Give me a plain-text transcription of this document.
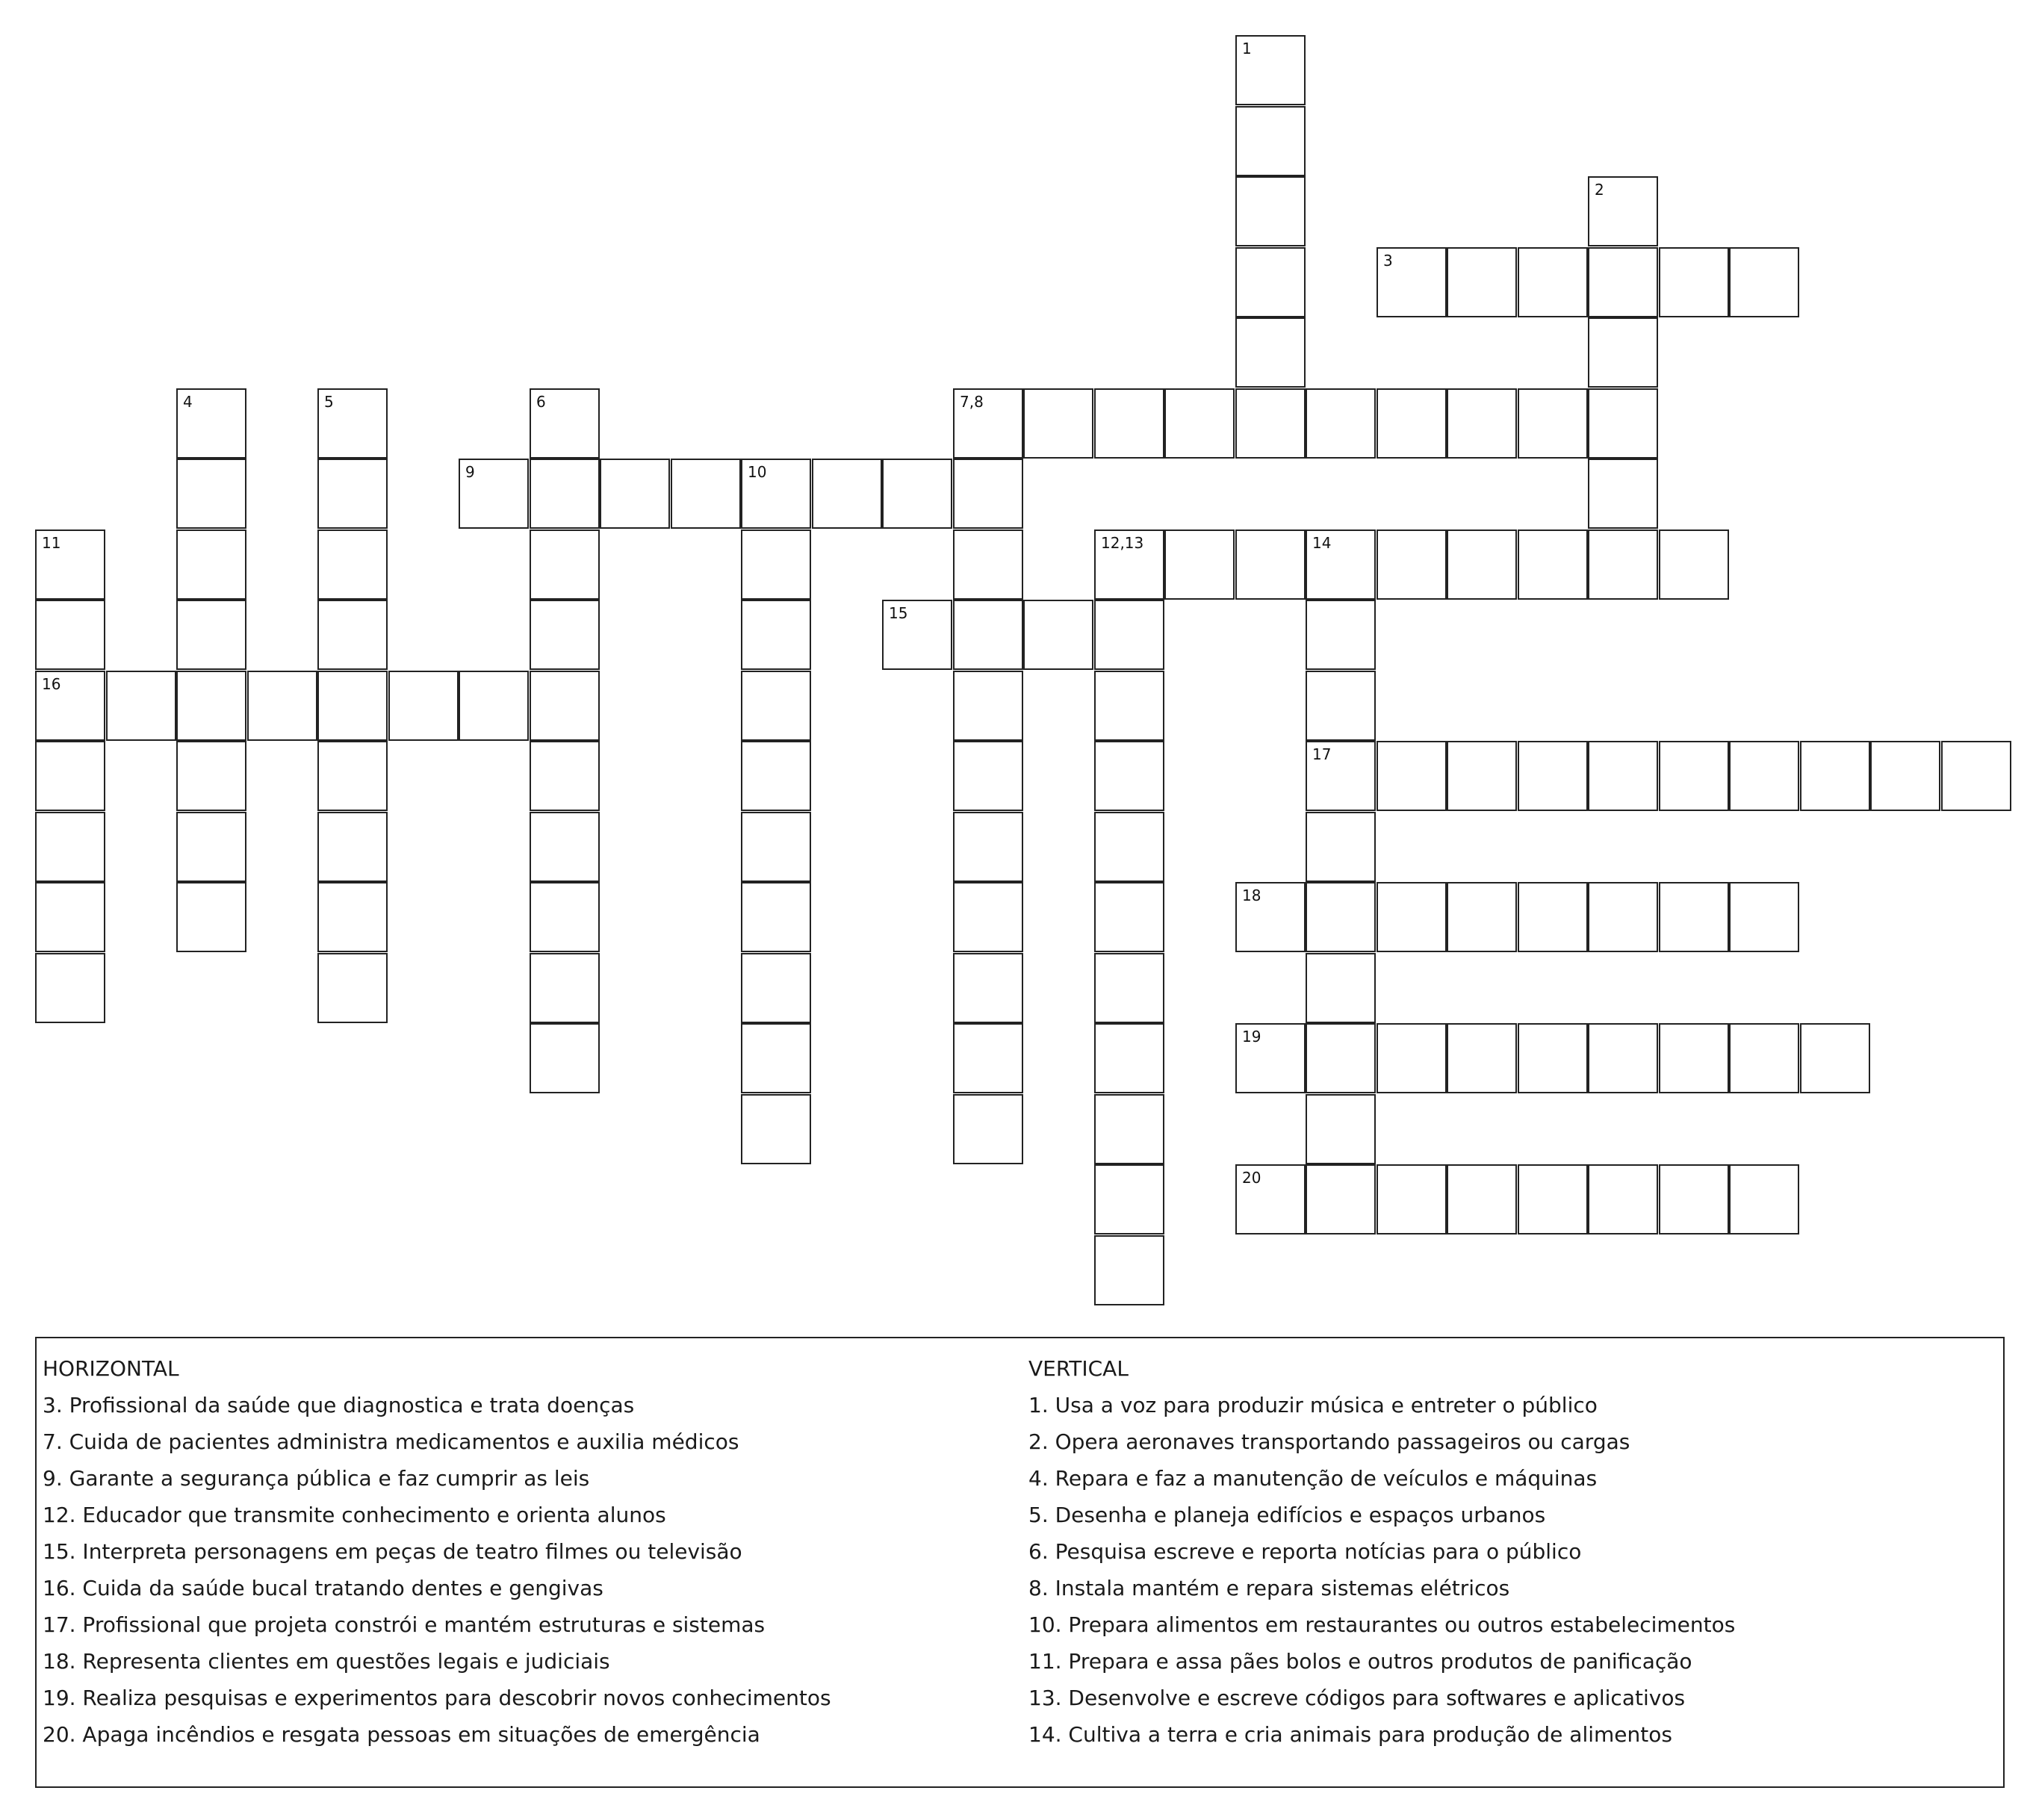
1
2
3
4	5	6	7,8
9	10
11
16
12,13	14
17
15
18
19
20
HORIZONTAL
3. Profissional da saúde que diagnostica e trata doenças
7. Cuida de pacientes administra medicamentos e auxilia médicos
9. Garante a segurança pública e faz cumprir as leis
12. Educador que transmite conhecimento e orienta alunos
15. Interpreta personagens em peças de teatro filmes ou televisão
16. Cuida da saúde bucal tratando dentes e gengivas
17. Profissional que projeta constrói e mantém estruturas e sistemas
18. Representa clientes em questões legais e judiciais
19. Realiza pesquisas e experimentos para descobrir novos conhecimentos
20. Apaga incêndios e resgata pessoas em situações de emergência
VERTICAL
1. Usa a voz para produzir música e entreter o público
2. Opera aeronaves transportando passageiros ou cargas
4. Repara e faz a manutenção de veículos e máquinas
5. Desenha e planeja edifícios e espaços urbanos
6. Pesquisa escreve e reporta notícias para o público
8. Instala mantém e repara sistemas elétricos
10. Prepara alimentos em restaurantes ou outros estabelecimentos
11. Prepara e assa pães bolos e outros produtos de panificação
13. Desenvolve e escreve códigos para softwares e aplicativos
14. Cultiva a terra e cria animais para produção de alimentos
